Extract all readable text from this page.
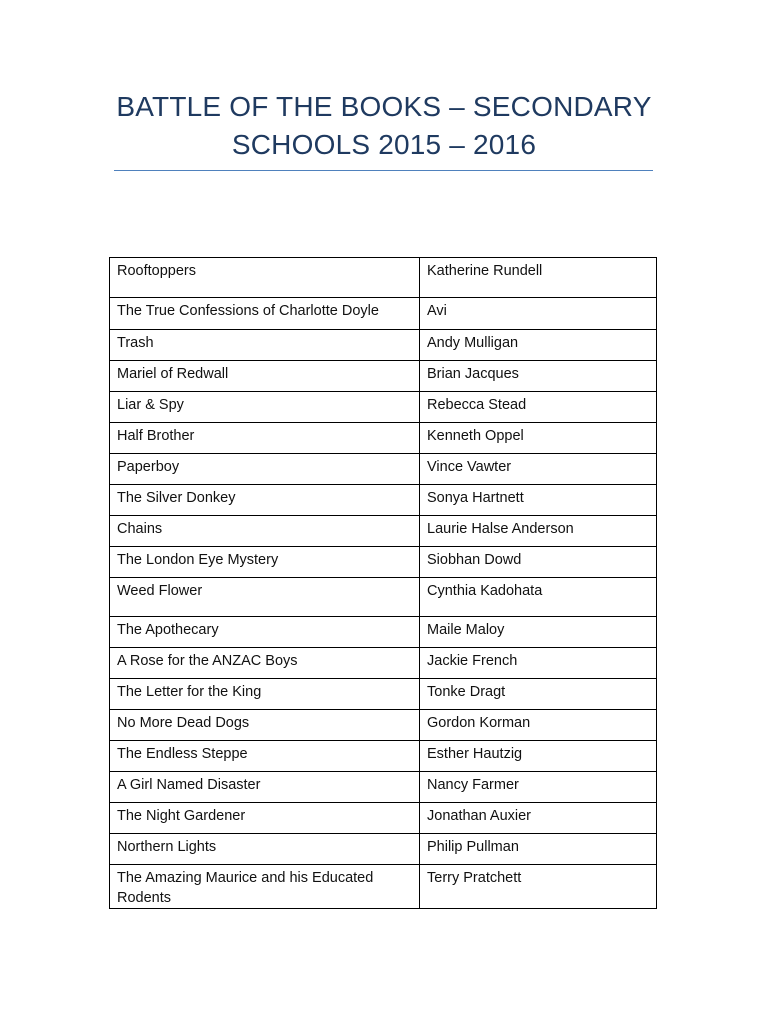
BATTLE OF THE BOOKS – SECONDARY
SCHOOLS 2015 – 2016
Rooftoppers	Katherine Rundell
The True Confessions of Charlotte Doyle	Avi
Trash	Andy Mulligan
Mariel of Redwall	Brian Jacques
Liar & Spy	Rebecca Stead
Half Brother	Kenneth Oppel
Paperboy	Vince Vawter
The Silver Donkey	Sonya Hartnett
Chains	Laurie Halse Anderson
The London Eye Mystery	Siobhan Dowd
Weed Flower	Cynthia Kadohata
The Apothecary	Maile Maloy
A Rose for the ANZAC Boys	Jackie French
The Letter for the King	Tonke Dragt
No More Dead Dogs	Gordon Korman
The Endless Steppe	Esther Hautzig
A Girl Named Disaster	Nancy Farmer
The Night Gardener	Jonathan Auxier
Northern Lights	Philip Pullman
The Amazing Maurice and his Educated Rodents	Terry Pratchett
